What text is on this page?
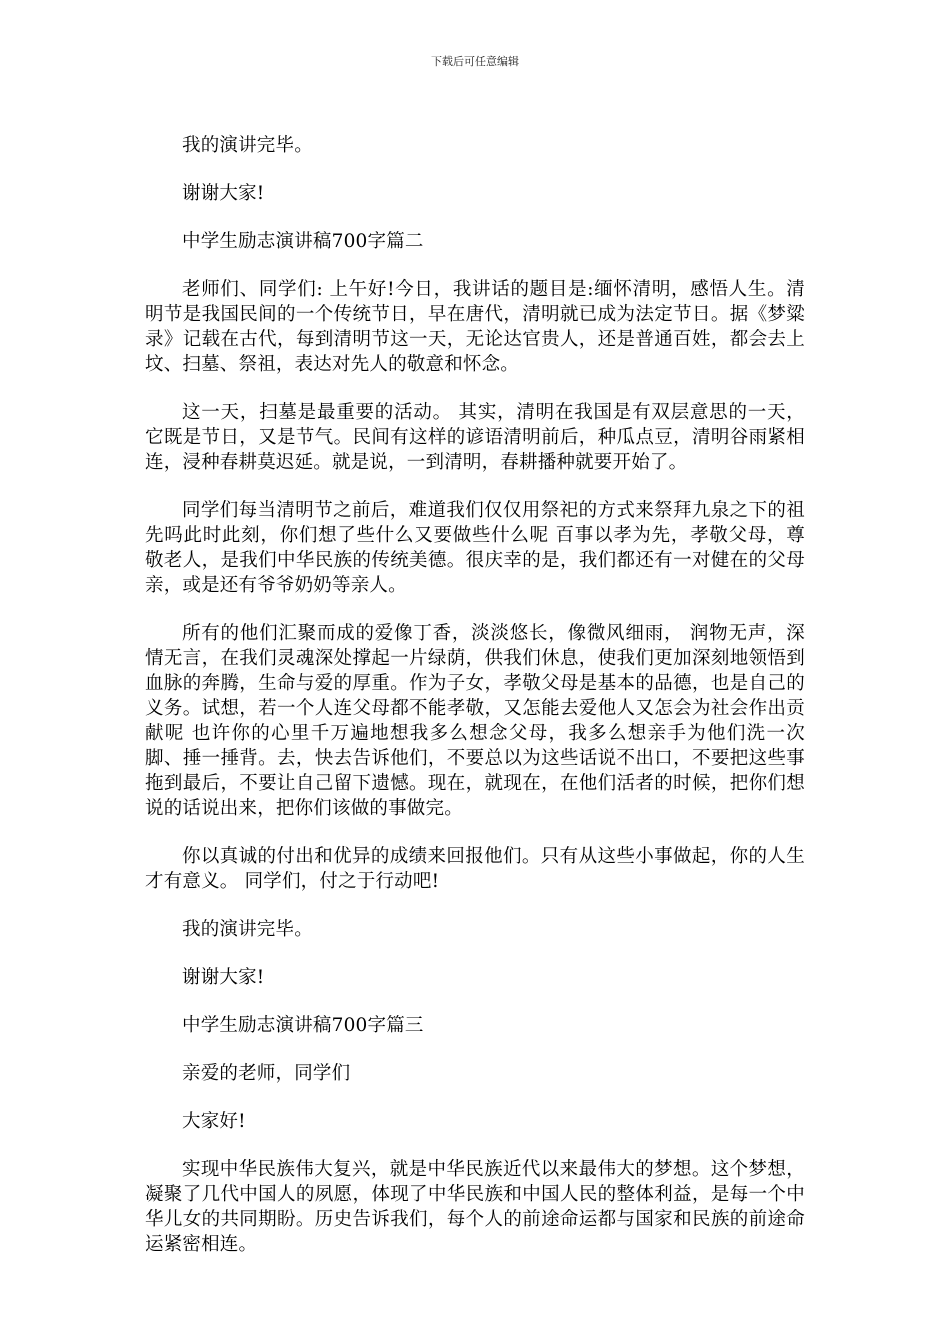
下载后可任意编辑

我的演讲完毕。

谢谢大家!

中学生励志演讲稿700字篇二

老师们、同学们: 上午好!今日，我讲话的题目是:缅怀清明，感悟人生。清明节是我国民间的一个传统节日，早在唐代，清明就已成为法定节日。据《梦粱录》记载在古代，每到清明节这一天，无论达官贵人，还是普通百姓，都会去上坟、扫墓、祭祖，表达对先人的敬意和怀念。

这一天，扫墓是最重要的活动。 其实，清明在我国是有双层意思的一天，它既是节日，又是节气。民间有这样的谚语清明前后，种瓜点豆，清明谷雨紧相连，浸种春耕莫迟延。就是说，一到清明，春耕播种就要开始了。

同学们每当清明节之前后，难道我们仅仅用祭祀的方式来祭拜九泉之下的祖先吗此时此刻，你们想了些什么又要做些什么呢 百事以孝为先，孝敬父母，尊敬老人，是我们中华民族的传统美德。很庆幸的是，我们都还有一对健在的父母亲，或是还有爷爷奶奶等亲人。

所有的他们汇聚而成的爱像丁香，淡淡悠长，像微风细雨， 润物无声，深情无言，在我们灵魂深处撑起一片绿荫，供我们休息，使我们更加深刻地领悟到血脉的奔腾，生命与爱的厚重。作为子女，孝敬父母是基本的品德，也是自己的义务。试想，若一个人连父母都不能孝敬，又怎能去爱他人又怎会为社会作出贡献呢 也许你的心里千万遍地想我多么想念父母，我多么想亲手为他们洗一次脚、捶一捶背。去，快去告诉他们，不要总以为这些话说不出口，不要把这些事拖到最后，不要让自己留下遗憾。现在，就现在，在他们活者的时候，把你们想说的话说出来，把你们该做的事做完。

你以真诚的付出和优异的成绩来回报他们。只有从这些小事做起，你的人生才有意义。 同学们，付之于行动吧!

我的演讲完毕。

谢谢大家!

中学生励志演讲稿700字篇三

亲爱的老师，同学们

大家好!

实现中华民族伟大复兴，就是中华民族近代以来最伟大的梦想。这个梦想，凝聚了几代中国人的夙愿，体现了中华民族和中国人民的整体利益，是每一个中华儿女的共同期盼。历史告诉我们，每个人的前途命运都与国家和民族的前途命运紧密相连。
